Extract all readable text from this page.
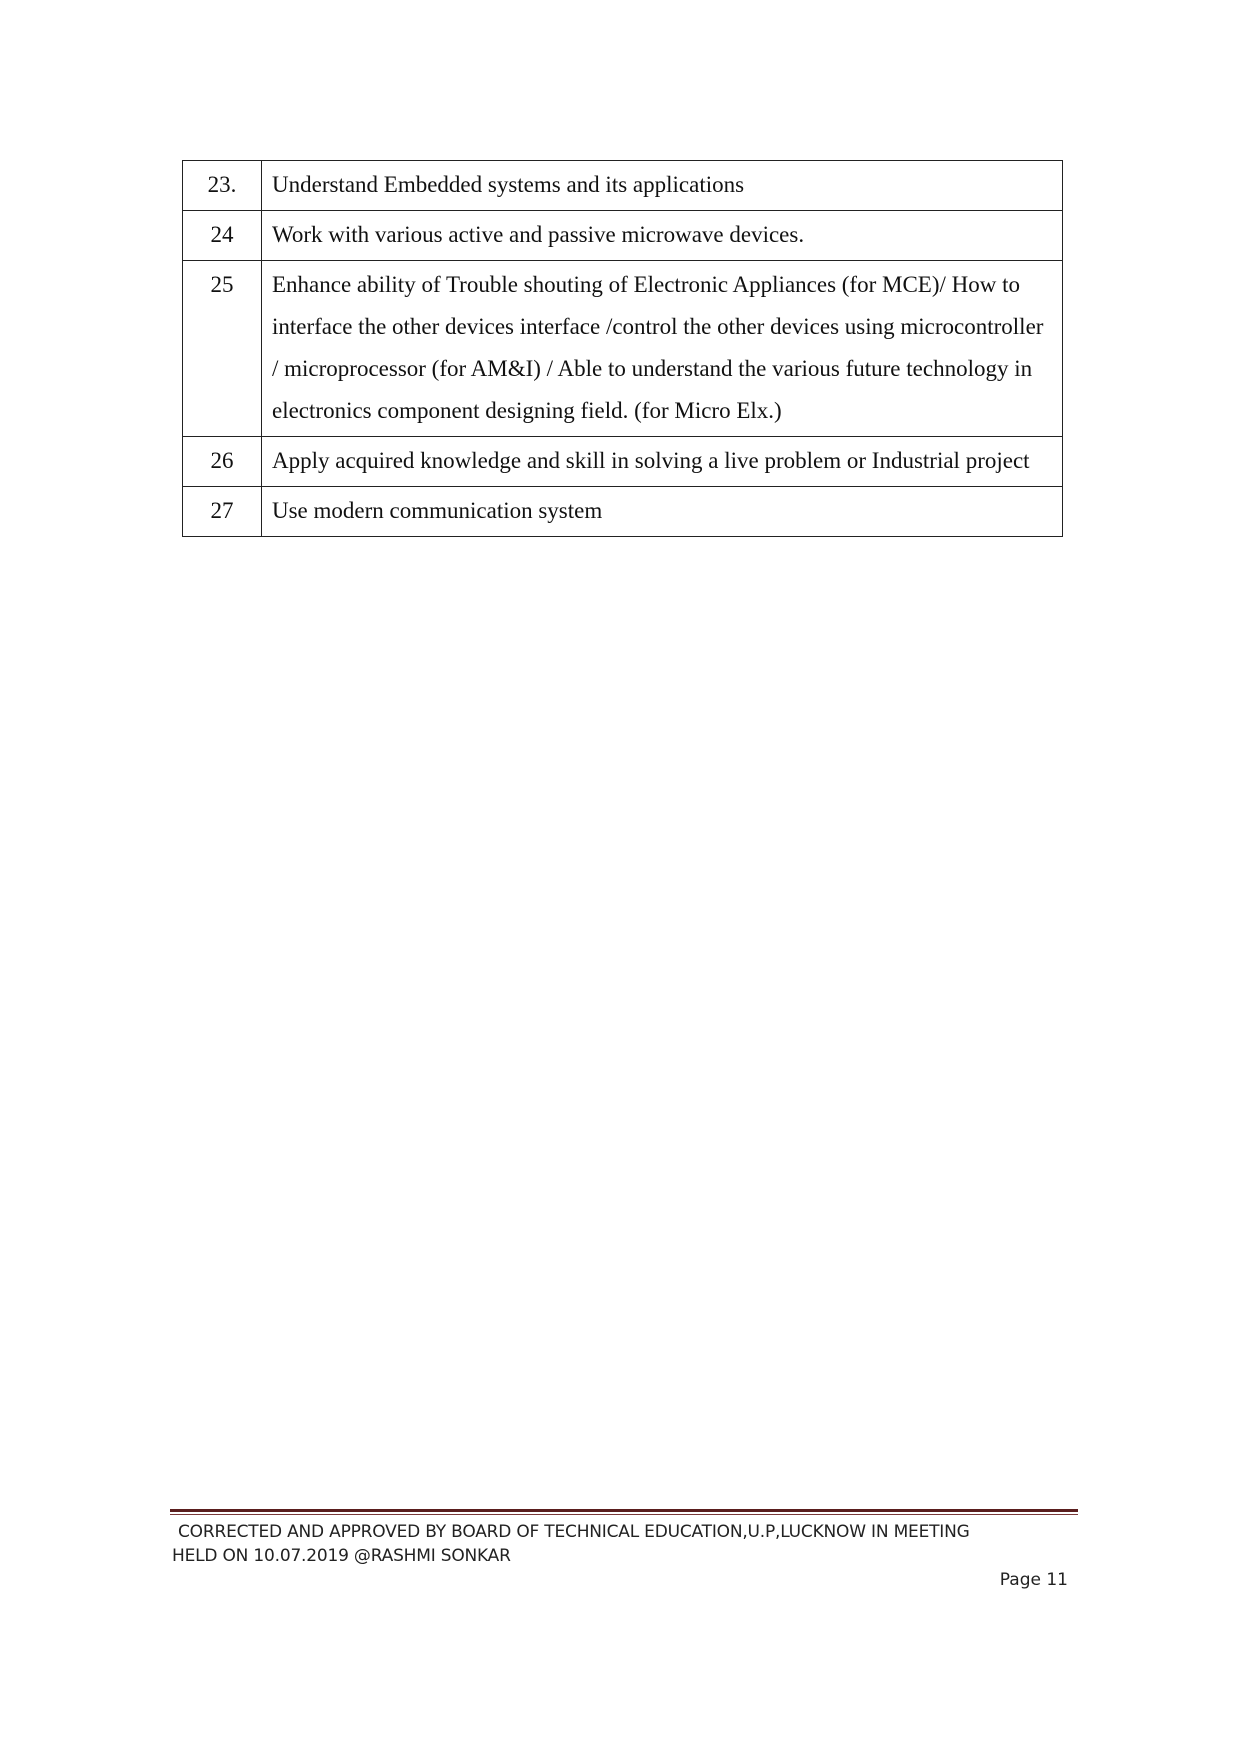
23.	Understand Embedded systems and its applications
24	Work with various active and passive microwave devices.
25	Enhance ability of Trouble shouting of Electronic Appliances (for MCE)/ How to interface the other devices interface /control the other devices using microcontroller / microprocessor (for AM&I) / Able to understand the various future technology in electronics component designing field. (for Micro Elx.)
26	Apply acquired knowledge and skill in solving a live problem or Industrial project
27	Use modern communication system
CORRECTED AND APPROVED BY BOARD OF TECHNICAL EDUCATION,U.P,LUCKNOW IN MEETING
HELD ON 10.07.2019 @RASHMI SONKAR
Page 11
